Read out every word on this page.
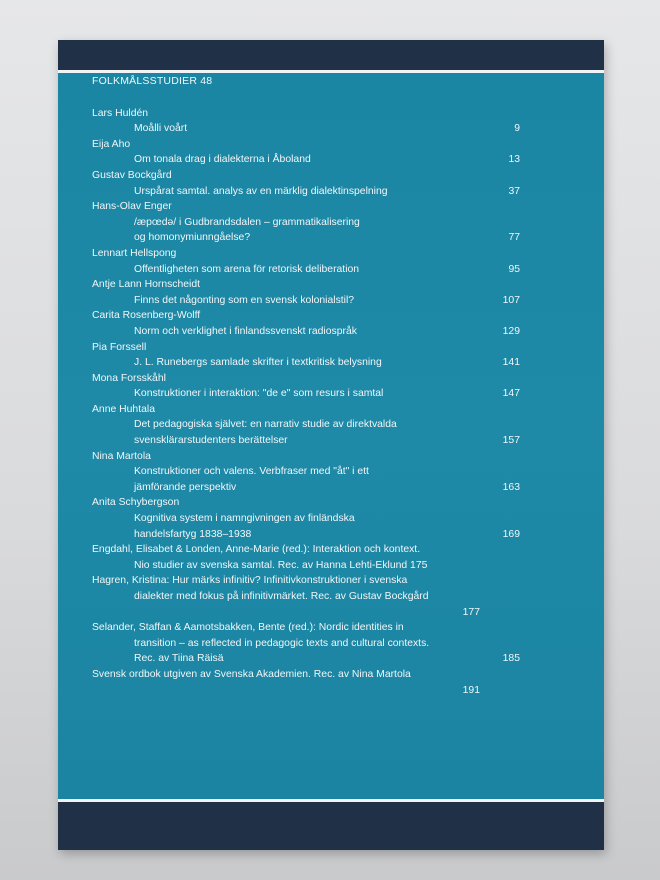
FOLKMÅLSSTUDIER 48
Lars Huldén
Moålli voårt	9
Eija Aho
Om tonala drag i dialekterna i Åboland	13
Gustav Bockgård
Urspårat samtal. analys av en märklig dialektinspelning	37
Hans-Olav Enger
/æpœdə/ i Gudbrandsdalen – grammatikalisering
og homonymiunngåelse?	77
Lennart Hellspong
Offentligheten som arena för retorisk deliberation	95
Antje Lann Hornscheidt
Finns det någonting som en svensk kolonialstil?	107
Carita Rosenberg-Wolff
Norm och verklighet i finlandssvenskt radiospråk	129
Pia Forssell
J. L. Runebergs samlade skrifter i textkritisk belysning	141
Mona Forsskåhl
Konstruktioner i interaktion: "de e" som resurs i samtal	147
Anne Huhtala
Det pedagogiska självet: en narrativ studie av direktvalda
svensklärarstudenters berättelser	157
Nina Martola
Konstruktioner och valens. Verbfraser med "åt" i ett
jämförande perspektiv	163
Anita Schybergson
Kognitiva system i namngivningen av finländska
handelsfartyg 1838–1938	169
Engdahl, Elisabet & Londen, Anne-Marie (red.): Interaktion och kontext.
Nio studier av svenska samtal. Rec. av Hanna Lehti-Eklund 175
Hagren, Kristina: Hur märks infinitiv? Infinitivkonstruktioner i svenska
dialekter med fokus på infinitivmärket. Rec. av Gustav Bockgård
177
Selander, Staffan & Aamotsbakken, Bente (red.): Nordic identities in
transition – as reflected in pedagogic texts and cultural contexts.
Rec. av Tiina Räisä	185
Svensk ordbok utgiven av Svenska Akademien. Rec. av Nina Martola
191
